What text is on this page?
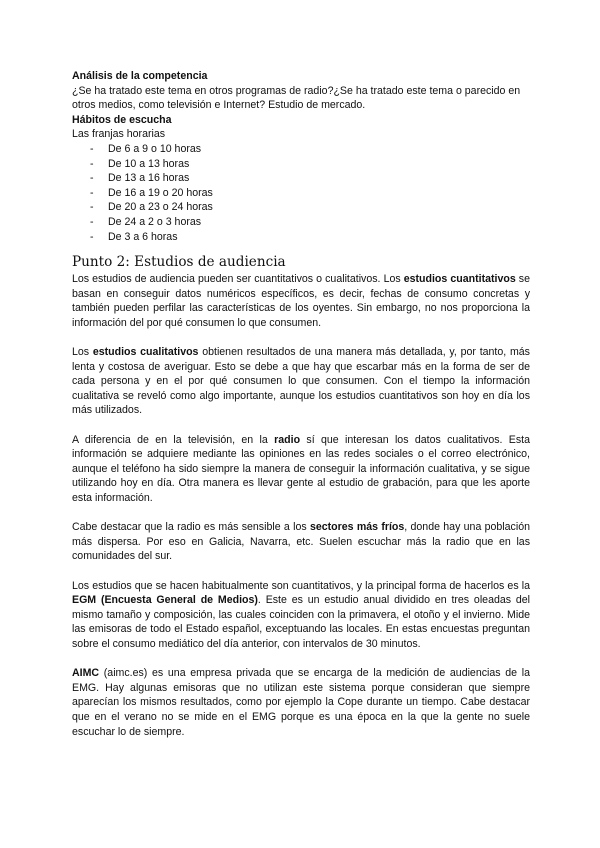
Análisis de la competencia

¿Se ha tratado este tema en otros programas de radio?¿Se ha tratado este tema o parecido en otros medios, como televisión e Internet? Estudio de mercado.

Hábitos de escucha
Las franjas horarias
- De 6 a 9 o 10 horas
- De 10 a 13 horas
- De 13 a 16 horas
- De 16 a 19 o 20 horas
- De 20 a 23 o 24 horas
- De 24 a 2 o 3 horas
- De 3 a 6 horas
Punto 2: Estudios de audiencia

Los estudios de audiencia pueden ser cuantitativos o cualitativos. Los estudios cuantitativos se basan en conseguir datos numéricos específicos, es decir, fechas de consumo concretas y también pueden perfilar las características de los oyentes. Sin embargo, no nos proporciona la información del por qué consumen lo que consumen.

Los estudios cualitativos obtienen resultados de una manera más detallada, y, por tanto, más lenta y costosa de averiguar. Esto se debe a que hay que escarbar más en la forma de ser de cada persona y en el por qué consumen lo que consumen. Con el tiempo la información cualitativa se reveló como algo importante, aunque los estudios cuantitativos son hoy en día los más utilizados.

A diferencia de en la televisión, en la radio sí que interesan los datos cualitativos. Esta información se adquiere mediante las opiniones en las redes sociales o el correo electrónico, aunque el teléfono ha sido siempre la manera de conseguir la información cualitativa, y se sigue utilizando hoy en día. Otra manera es llevar gente al estudio de grabación, para que les aporte esta información.

Cabe destacar que la radio es más sensible a los sectores más fríos, donde hay una población más dispersa. Por eso en Galicia, Navarra, etc. Suelen escuchar más la radio que en las comunidades del sur.

Los estudios que se hacen habitualmente son cuantitativos, y la principal forma de hacerlos es la EGM (Encuesta General de Medios). Este es un estudio anual dividido en tres oleadas del mismo tamaño y composición, las cuales coinciden con la primavera, el otoño y el invierno. Mide las emisoras de todo el Estado español, exceptuando las locales. En estas encuestas preguntan sobre el consumo mediático del día anterior, con intervalos de 30 minutos.

AIMC (aimc.es) es una empresa privada que se encarga de la medición de audiencias de la EMG. Hay algunas emisoras que no utilizan este sistema porque consideran que siempre aparecían los mismos resultados, como por ejemplo la Cope durante un tiempo. Cabe destacar que en el verano no se mide en el EMG porque es una época en la que la gente no suele escuchar lo de siempre.
